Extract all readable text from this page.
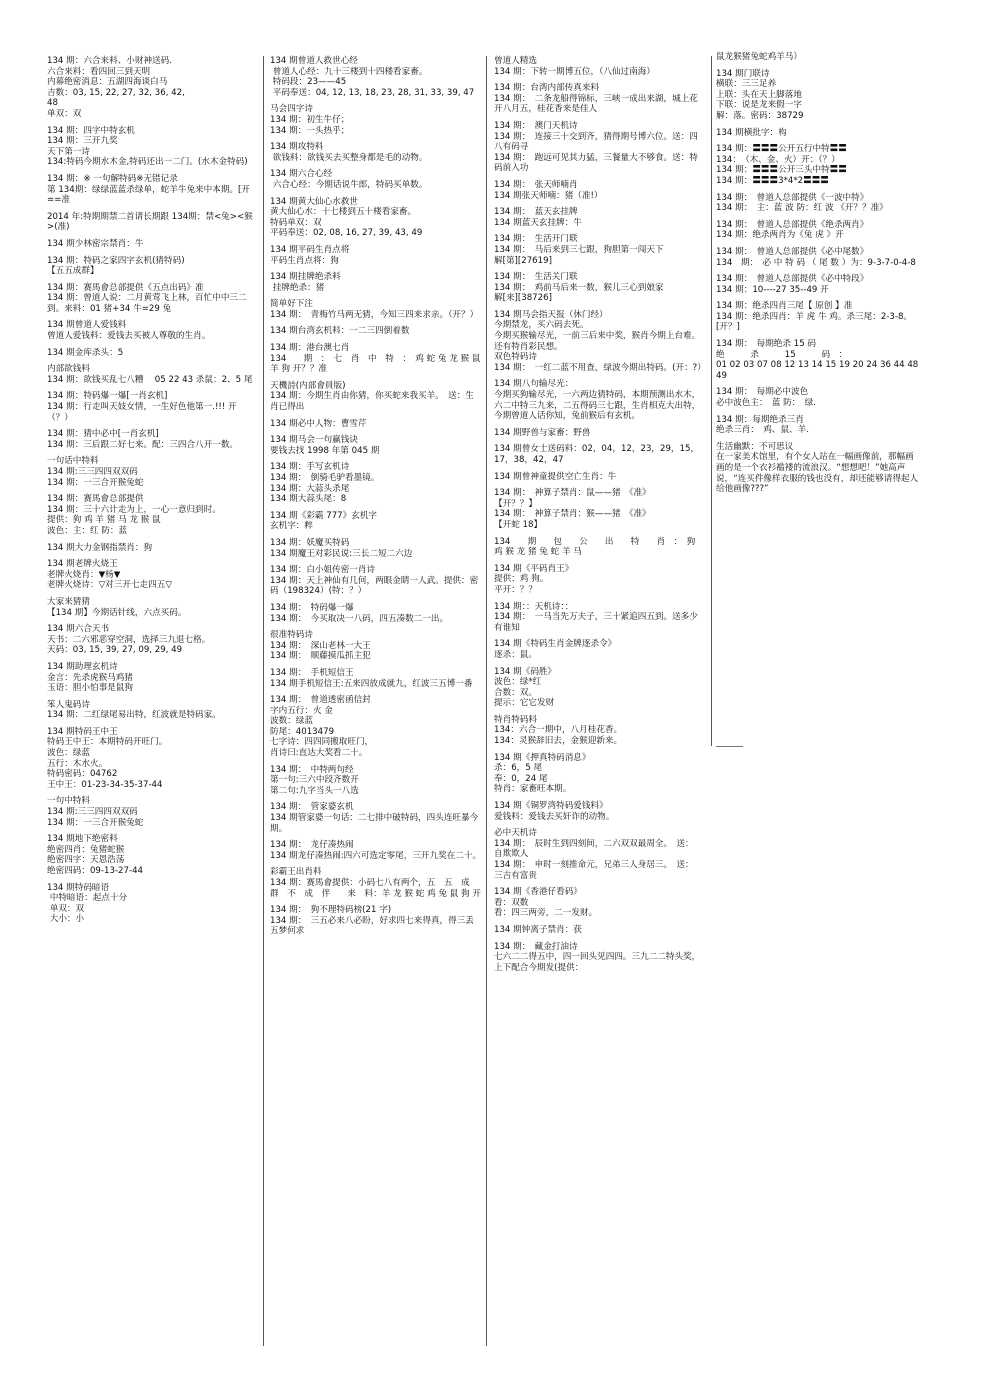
134 期：六合来料、小财神送码.
六合来料：看四回三到天明
内幕绝密消息：五湖四海谈白马
吉数：03, 15, 22, 27, 32, 36, 42,
48
单双：双
134 期：四字中特玄机
134 期：三开九奖
天下第一诗
134:特码今期水木金,特码还出一二门。(水木金特码)
134 期：※ 一句解特码※无错记录
第 134期：绿绿蓝蓝杀绿单，蛇羊牛兔来中本期。[开==准
2014 年:特期期禁二首请长期跟 134期：禁<兔><猴>(准)
134 期少林密宗禁肖：牛
134 期：特码之家四字玄机(猜特码)
【五五成群】
134 期：赛馬會总部提供《五点出码》准
134 期：曾道人说：二月黄莺飞上林，百忙中中三二到。来料：01 猪+34 牛=29 兔
134 期曾道人爱钱料
曾道人爱钱料：爱钱去买被人尊敬的生肖。
134 期金库杀头：5
内部欲钱料
134 期：欲钱买乱七八糟　 05 22 43 杀鼠：2、5 尾
134 期：特码爆一爆[一肖玄机]
134 期：行走叫天妓女情，一生好色他第一.!!! 开（？）
134 期：猜中必中[一肖玄机]
134 期：三后跟二好七来。配：三四合八开一数。
一句话中特料
134 期:三三四四双双码
134 期：一三合开猴兔蛇
134 期：赛馬會总部提供
134 期：三十六计走为上，一心一意归到时。
提供：狗 鸡 羊 猪 马 龙 猴 鼠
波色：主：红 防：蓝
134 期大力金钢指禁肖：狗
134 期老牌火烧王
老牌火烧肖：▼杨▼
老牌火烧诗：▽对三开七走四五▽
大家来猜猜
【134 期】今期话针线，六点买码。
134 期六合天书
天书：二六邪恶穿空洞，选择三九退七格。
天码：03, 15, 39, 27, 09, 29, 49
134 期助理玄机诗
金言：先杀虎猴马鸡猪
玉语：胆小怕事是鼠狗
笨人鬼码诗
134 期：二红绿尾易出特，红波就是特码家。
134 期特码王中王
特码王中王：本期特码开旺门。
波色：绿蓝
五行：木水火。
特码密码：04762
王中王：01-23-34-35-37-44
一句中特料
134 期:三三四四双双码
134 期：一三合开猴兔蛇
134 期地下绝密料
绝密四肖：兔猪蛇猴
绝密四字：天恩浩荡
绝密四码：09-13-27-44
134 期特码暗语
中特暗语：起点十分
单双：双
大小：小
134 期曾道人救世心经
曾道人心经：九十三楼到十四楼看家畜。
特码段：23——45
平码奉送：04, 12, 13, 18, 23, 28, 31, 33, 39, 47
马会四字诗
134 期：初生牛仔；
134 期：一头热乎；
134 期攻特料
欲钱料：欲钱买去买整身都是毛的动物。
134 期六合心经
六合心经：今期话说牛郎，特码买单数。
134 期黄大仙心水救世
黄大仙心水：十七楼到五十楼看家畜。
特码单双：双
平码奉送：02, 08, 16, 27, 39, 43, 49
134 期平码生肖点将
平码生肖点将：狗
134 期挂牌绝杀料
挂牌绝杀：猪
简单好下注
134 期：　青梅竹马两无猜，今知三四来求亲。（开？）
134 期台湾玄机料：一二三四倒着数
134 期：港台澳七肖
134　　期　：　七　肖　中　特　：　鸡 蛇 兔 龙 猴 鼠 羊 狗 开？？准
天機詩(内部會員版)
134 期：今期生肖由你猜，你买蛇来我买羊。　送：生肖已得出
134 期必中人物：曹雪芹
134 期马会一句赢钱诀
要钱去找 1998 年第 045 期
134 期：手写玄机诗
134 期：　倒骑毛驴看墨镜。
134 期：大蒜头杀尾
134 期大蒜头尾：8
134 期《彩霸 777》玄机字
玄机字：粹
134 期：妖魔买特码
134 期魔王对彩民说:三长二短二六边
134 期：白小姐传密一肖诗
134 期：天上神仙有几何，两眼金睛一人武。提供：密码（198324）(特：？）
134 期：　特码爆一爆
134 期：　今买取决一八码，四五凑数二一出。
很准特码诗
134 期：　深山老林一大王
134 期：　顺藤摸瓜抓主犯
134 期：　手机短信王
134 期手机短信王:五来四放成就九，红波三五博一番
134 期：　曾道透密函信封
字内五行：火 金
波数：绿蓝
防尾：4013479
七字诗：四四同搬取旺门，
肖诗曰:直达大奖看二十。
134 期：　中特两句经
第一句:三六中段齐数开
第二句:九字当头一八选
134 期：　管家婆玄机
134 期管家婆一句话：二七排中破特码，四头连旺暴今期。
134 期：　龙仔凑热闹
134 期龙仔凑热闹:四六可选定零尾，三开九奖在二十。
彩霸王出肖料
134 期：赛馬會提供：小码七八有两个，五　五　成　群　不　成　伴　　来　料：羊 龙 猴 蛇 鸡 兔 鼠 狗 开
134 期：　狗不理特码榜(21 字)
134 期：　三五必来八必盼，好求四七来得真，得三丢五梦何求
曾道人精选
134 期：下转一期博五位，（八仙过南海）
134 期：台湾内部传真来料
134 期：　二条龙船得锦标，三峡一成出来湖，城上花开八月五，桂花香来是佳人
134 期：　澳门天机诗
134 期：　连接三十交到齐，猜得期号博六位。送：四八有码寻
134 期：　跑远可见其力猛，三餐量大不够食。送：特码前入功
134 期：　张天师喃肖
134 期张天师喃：猪（准!）
134 期：　蓝天玄挂牌
134 期蓝天玄挂牌：牛
134 期：　生活开门联
134 期：　马后来到三七跟，狗胆第一闯天下
解[第][27619]
134 期：　生活关门联
134 期：　鸡前马后来一数，猴儿三心到娘家
解[来][38726]
134 期马会指天报（休门经）
今期禁龙，买六码去死。
今期买猴输尽光，一前三后来中奖，猴肖今期上台难。还有特肖彩民想。
双色特码诗
134 期：　一红二蓝不用查，绿波今期出特码。(开：?）
134 期八句输尽光：
今期买狗输尽光，一六两边猜特码，本期预测出水木，六二中特三九来，二五得码三七跟，生肖相克大出特，今期曾道人话你知，兔前猴后有玄机。
134 期野兽与家畜：野兽
134 期曾女士送码料：02，04，12，23，29，15，17，38，42，47
134 期曾神童提供空亡生肖：牛
134 期：　神算子禁肖：鼠——猪　《准》
【开？？】
134 期：　神算子禁肖：猴——猪　《准》
【开蛇 18】
134　　期　　包　　公　　出　　特　　肖　：　狗 鸡 猴 龙 猪 兔 蛇 羊 马
134 期《平码肖王》
提供：鸡 狗。
平开：？？
134 期：：天机诗：：
134 期：　一马当先万夫子，三十紧追四五到。送多少有谁知
134 期《特码生肖金牌逐杀令》
逐杀：鼠。
134 期《码胜》
波色：绿*红
合数：双。
提示：它它发财
特肖特码料
134：六合一期中，八月桂花香。
134：灵猴辞旧去，金猴迎新来。
134 期《押真特码消息》
杀：6，5 尾
奉：0，24 尾
特肖：家畜旺本期。
134 期《铜罗湾特码爱钱料》
爱钱料：爱钱去买奸诈的动物。
必中天机诗
134 期：　辰时生到四刻间，二六双双最周全。　送：自欺欺人
134 期：　申时一刻推命元，兄弟三人身居三。　送：三吉有富贵
134 期《香港仔看码》
看：双数
看：四三两旁，二一发财。
134 期钟离子禁肖：获
134 期：　藏金打油诗
七六二二得五中，四一回头见四四。三九二二特头奖，上下配合今期发(提供：
鼠龙猴猪兔蛇鸡羊马）
134 期门联诗
横联：三三足养
上联：头在天上脚落地
下联：说是龙来假一字
解：落。密码：38729
134 期横批字：构
134 期：〓〓〓公开五行中特〓〓
134：　（木、金、火）开：（？）
134 期：〓〓〓公开三头中特〓〓
134 期：〓〓〓3*4*2〓〓〓
134 期：　曾道人总部提供《一波中特》
134 期：　主：蓝 波 防：红 波 《开？？准》
134 期：　曾道人总部提供《绝杀两肖》
134 期：绝杀两肖为《兔 虎 》开
134 期：　曾道人总部提供《必中尾数》
134　期：　必 中 特 码 （ 尾 数 ）为：9-3-7-0-4-8
134 期：　曾道人总部提供《必中特段》
134 期：10----27 35--49 开
134 期：绝杀四肖三尾【 原创 】准
134 期：绝杀四肖：羊 虎 牛 鸡。杀三尾：2-3-8。[开？]
134 期：　每期绝杀 15 码
绝　　　杀　　　15　　　码　：
01 02 03 07 08 12 13 14 15 19 20 24 36 44 48 49
134 期：　每期必中波色
必中波色主：　蓝 防：　绿．
134 期：每期绝杀三肖
绝杀三肖：　鸡、鼠、羊.
生活幽默：不可思议
在一家美术馆里，有个女人站在一幅画像前，那幅画画的是一个衣衫褴褛的流浪汉。“想想吧！”她高声说，“连买件像样衣服的钱也没有，却还能够请得起人给他画像???”
